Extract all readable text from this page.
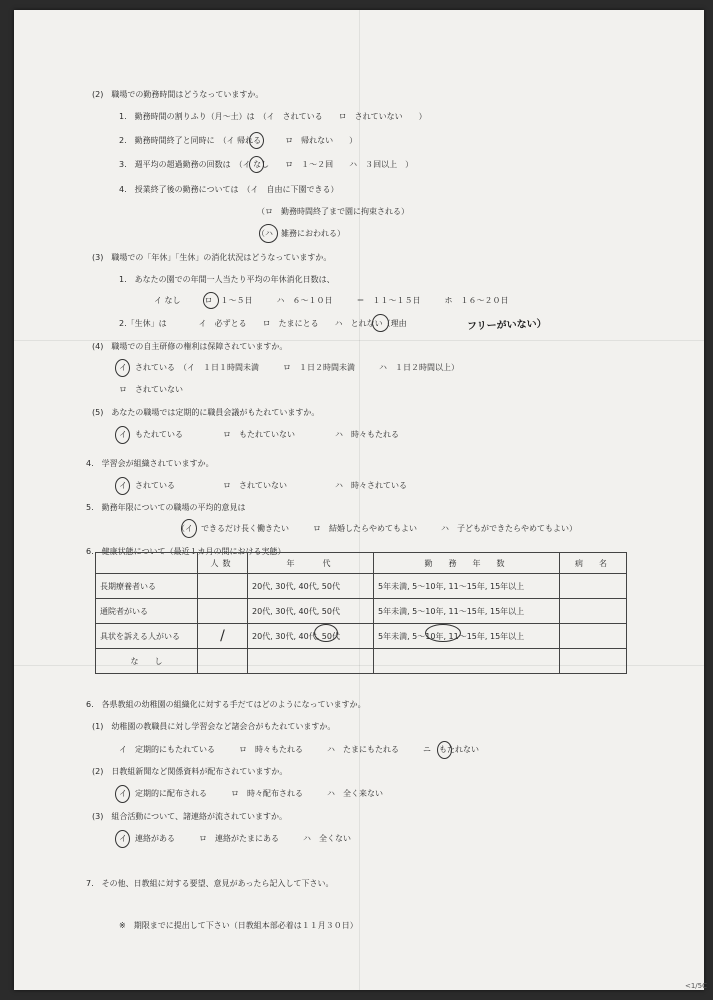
(2)　職場での勤務時間はどうなっていますか。
1.　勤務時間の割りふり（月〜土）は　（イ　されている　　ロ　されていない　　）
2.　勤務時間終了と同時に　（イ 帰れる　　　ロ　帰れない　　）
3.　週平均の超過勤務の回数は　（イ なし　　ロ　１〜２回　　ハ　３回以上　）
4.　授業終了後の勤務については　（イ　自由に下園できる）
（ロ　勤務時間終了まで園に拘束される）
（ハ　雑務におわれる）
(3)　職場での「年休」「生休」の消化状況はどうなっていますか。
1.　あなたの園での年間一人当たり平均の年休消化日数は、
イ なし　　　ロ　１〜５日　　　ハ　６〜１０日　　　＝　１１〜１５日　　　ホ　１６〜２０日
2.「生休」は　　　　イ　必ずとる　　ロ　たまにとる　　ハ　とれない（理由	フリーがいない）
(4)　職場での自主研修の権利は保障されていますか。
イ　されている　（イ　１日１時間未満　　　ロ　１日２時間未満　　　ハ　１日２時間以上）
ロ　されていない
(5)　あなたの職場では定期的に職員会議がもたれていますか。
イ　もたれている　　　　　ロ　もたれていない　　　　　ハ　時々もたれる
4.　学習会が組織されていますか。
イ　されている　　　　　　ロ　されていない　　　　　　ハ　時々されている
5.　勤務年限についての職場の平均的意見は
（イ　できるだけ長く働きたい　　　ロ　結婚したらやめてもよい　　　ハ　子どもができたらやめてもよい）
6.　健康状態について（最近１カ月の間における実態）
	人数	年　　代	勤　務　年　数	病　名
長期療養者いる		20代, 30代, 40代, 50代	5年未満, 5〜10年, 11〜15年, 15年以上	
通院者がいる		20代, 30代, 40代, 50代	5年未満, 5〜10年, 11〜15年, 15年以上	
具状を訴える人がいる	/	20代, 30代, 40代, 50代	5年未満, 5〜10年, 11〜15年, 15年以上	
な　　し				
6.　各県教組の幼稚園の組織化に対する手だてはどのようになっていますか。
(1)　幼稚園の教職員に対し学習会など諸会合がもたれていますか。
イ　定期的にもたれている　　　ロ　時々もたれる　　　ハ　たまにもたれる　　　ニ　もたれない
(2)　日教組新聞など関係資料が配布されていますか。
イ　定期的に配布される　　　ロ　時々配布される　　　ハ　全く来ない
(3)　組合活動について、諸連絡が流されていますか。
イ　連絡がある　　　ロ　連絡がたまにある　　　ハ　全くない
7.　その他、日教組に対する要望、意見があったら記入して下さい。
※　期限までに提出して下さい（日教組本部必着は１１月３０日）
<1/5С
